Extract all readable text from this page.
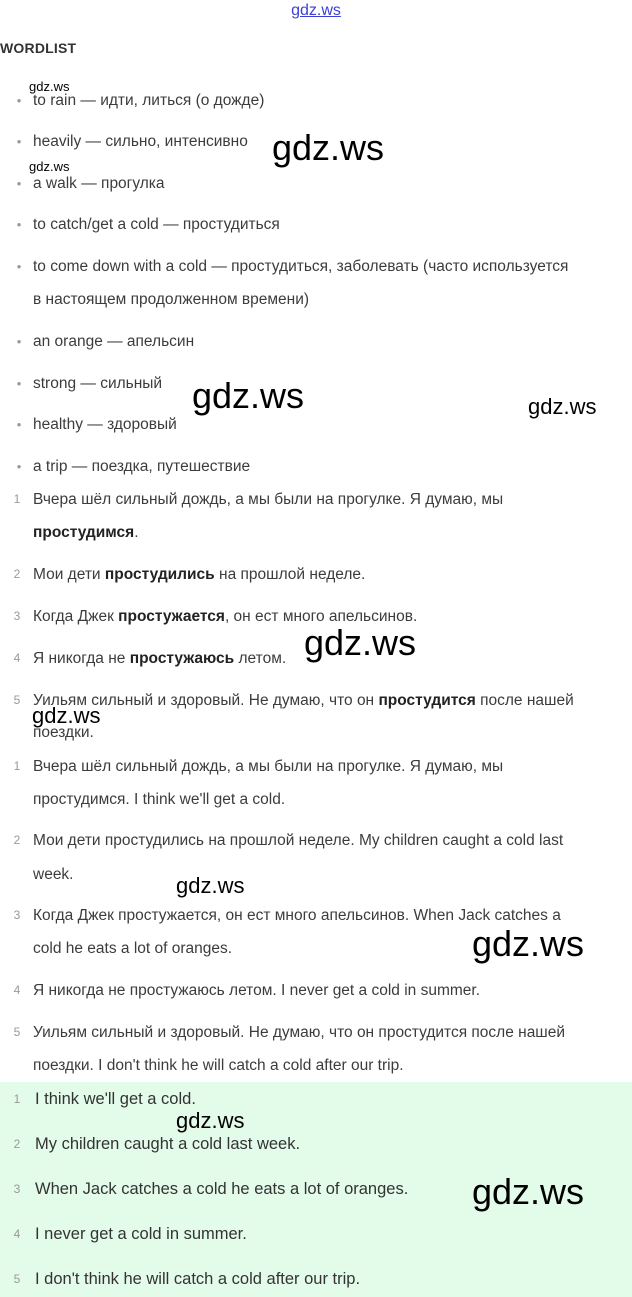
gdz.ws
WORDLIST
• to rain — идти, литься (о дожде)
• heavily — сильно, интенсивно
• a walk — прогулка
• to catch/get a cold — простудиться
• to come down with a cold — простудиться, заболевать (часто используется
в настоящем продолженном времени)
• an orange — апельсин
• strong — сильный
• healthy — здоровый
• a trip — поездка, путешествие
1 Вчера шёл сильный дождь, а мы были на прогулке. Я думаю, мы
простудимся.
2 Мои дети простудились на прошлой неделе.
3 Когда Джек простужается, он ест много апельсинов.
4 Я никогда не простужаюсь летом.
5 Уильям сильный и здоровый. Не думаю, что он простудится после нашей
поездки.
1 Вчера шёл сильный дождь, а мы были на прогулке. Я думаю, мы
простудимся. I think we'll get a cold.
2 Мои дети простудились на прошлой неделе. My children caught a cold last
week.
3 Когда Джек простужается, он ест много апельсинов. When Jack catches a
cold he eats a lot of oranges.
4 Я никогда не простужаюсь летом. I never get a cold in summer.
5 Уильям сильный и здоровый. Не думаю, что он простудится после нашей
поездки. I don't think he will catch a cold after our trip.
1 I think we'll get a cold.
2 My children caught a cold last week.
3 When Jack catches a cold he eats a lot of oranges.
4 I never get a cold in summer.
5 I don't think he will catch a cold after our trip.
gdz.ws
gdz.ws
gdz.ws
gdz.ws	gdz.ws
gdz.ws
gdz.ws
gdz.ws
gdz.ws
gdz.ws
gdz.ws
